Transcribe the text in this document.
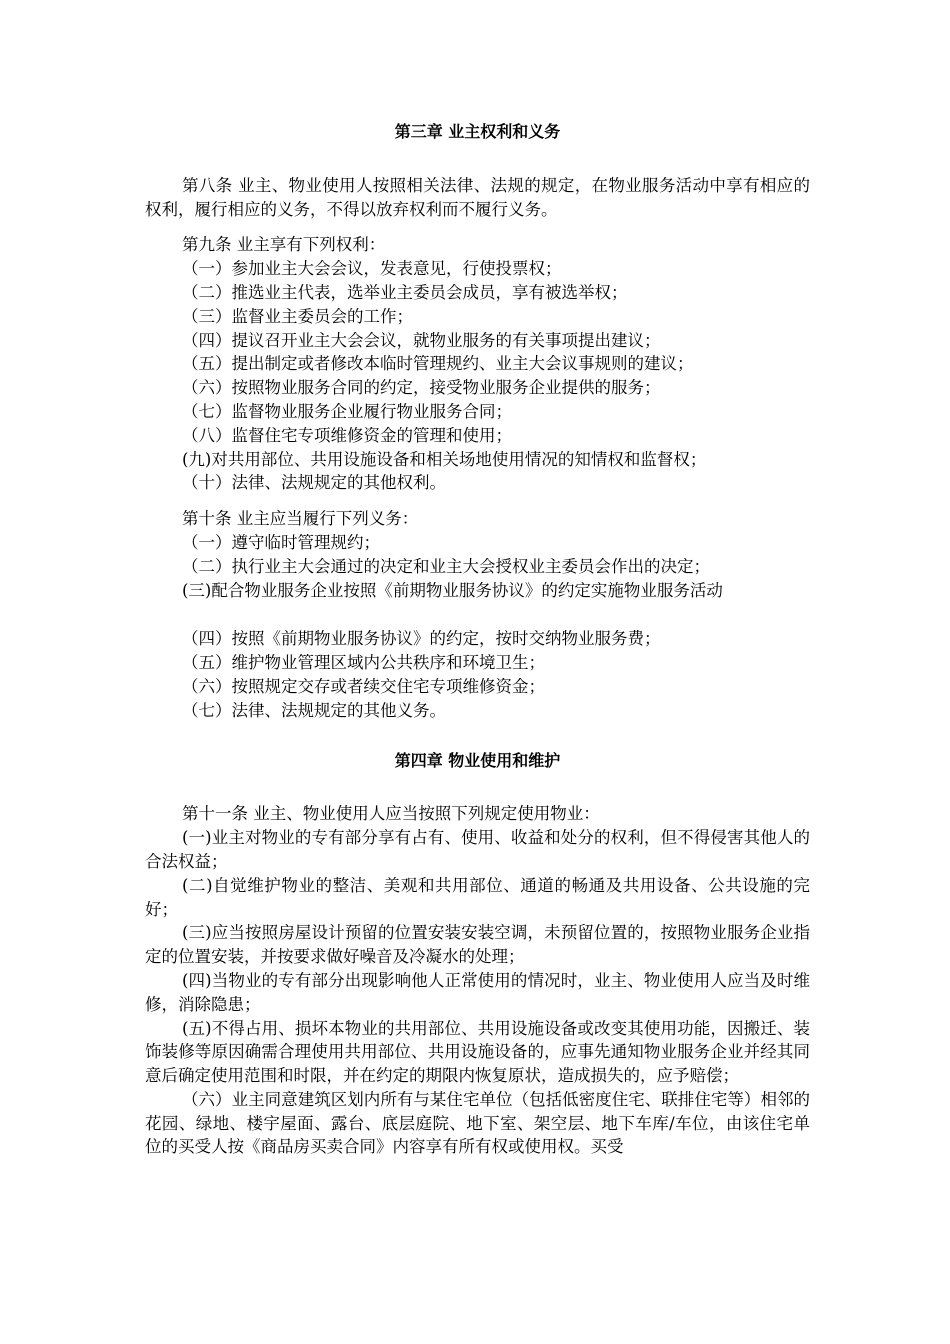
第三章 业主权利和义务

第八条 业主、物业使用人按照相关法律、法规的规定，在物业服务活动中享有相应的权利，履行相应的义务，不得以放弃权利而不履行义务。

第九条 业主享有下列权利：

（一）参加业主大会会议，发表意见，行使投票权；

（二）推选业主代表，选举业主委员会成员，享有被选举权；

（三）监督业主委员会的工作；

（四）提议召开业主大会会议，就物业服务的有关事项提出建议；

（五）提出制定或者修改本临时管理规约、业主大会议事规则的建议；

（六）按照物业服务合同的约定，接受物业服务企业提供的服务；

（七）监督物业服务企业履行物业服务合同；

（八）监督住宅专项维修资金的管理和使用；

(九)对共用部位、共用设施设备和相关场地使用情况的知情权和监督权；

（十）法律、法规规定的其他权利。

第十条 业主应当履行下列义务：

（一）遵守临时管理规约；

（二）执行业主大会通过的决定和业主大会授权业主委员会作出的决定；

(三)配合物业服务企业按照《前期物业服务协议》的约定实施物业服务活动

（四）按照《前期物业服务协议》的约定，按时交纳物业服务费；

（五）维护物业管理区域内公共秩序和环境卫生；

（六）按照规定交存或者续交住宅专项维修资金；

（七）法律、法规规定的其他义务。

第四章 物业使用和维护

第十一条 业主、物业使用人应当按照下列规定使用物业：

(一)业主对物业的专有部分享有占有、使用、收益和处分的权利，但不得侵害其他人的合法权益；

(二)自觉维护物业的整洁、美观和共用部位、通道的畅通及共用设备、公共设施的完好；

(三)应当按照房屋设计预留的位置安装安装空调，未预留位置的，按照物业服务企业指定的位置安装，并按要求做好噪音及冷凝水的处理；

(四)当物业的专有部分出现影响他人正常使用的情况时，业主、物业使用人应当及时维修，消除隐患；

(五)不得占用、损坏本物业的共用部位、共用设施设备或改变其使用功能，因搬迁、装饰装修等原因确需合理使用共用部位、共用设施设备的，应事先通知物业服务企业并经其同意后确定使用范围和时限，并在约定的期限内恢复原状，造成损失的，应予赔偿；

（六）业主同意建筑区划内所有与某住宅单位（包括低密度住宅、联排住宅等）相邻的花园、绿地、楼宇屋面、露台、底层庭院、地下室、架空层、地下车库/车位，由该住宅单位的买受人按《商品房买卖合同》内容享有所有权或使用权。买受
